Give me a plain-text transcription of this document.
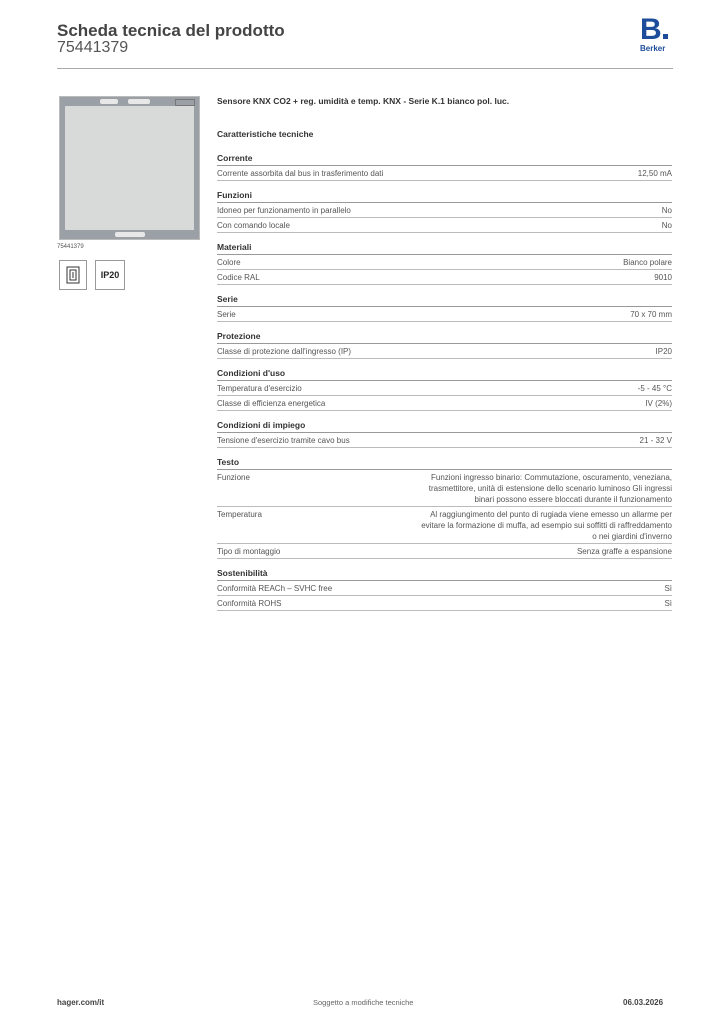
Scheda tecnica del prodotto
75441379
B
Berker
75441379
IP20
Sensore KNX CO2 + reg. umidità e temp. KNX - Serie K.1 bianco pol. luc.
Caratteristiche tecniche
Corrente
Corrente assorbita dal bus in trasferimento dati	12,50 mA
Funzioni
Idoneo per funzionamento in parallelo	No
Con comando locale	No
Materiali
Colore	Bianco polare
Codice RAL	9010
Serie
Serie	70 x 70 mm
Protezione
Classe di protezione dall'ingresso (IP)	IP20
Condizioni d'uso
Temperatura d'esercizio	-5 - 45 °C
Classe di efficienza energetica	IV (2%)
Condizioni di impiego
Tensione d'esercizio tramite cavo bus	21 - 32 V
Testo
Funzione	Funzioni ingresso binario: Commutazione, oscuramento, veneziana, trasmettitore, unità di estensione dello scenario luminoso Gli ingressi binari possono essere bloccati durante il funzionamento
Temperatura	Al raggiungimento del punto di rugiada viene emesso un allarme per evitare la formazione di muffa, ad esempio sui soffitti di raffreddamento o nei giardini d'inverno
Tipo di montaggio	Senza graffe a espansione
Sostenibilità
Conformità REACh – SVHC free	Sì
Conformità ROHS	Sì
hager.com/it	Soggetto a modifiche tecniche	06.03.2026
